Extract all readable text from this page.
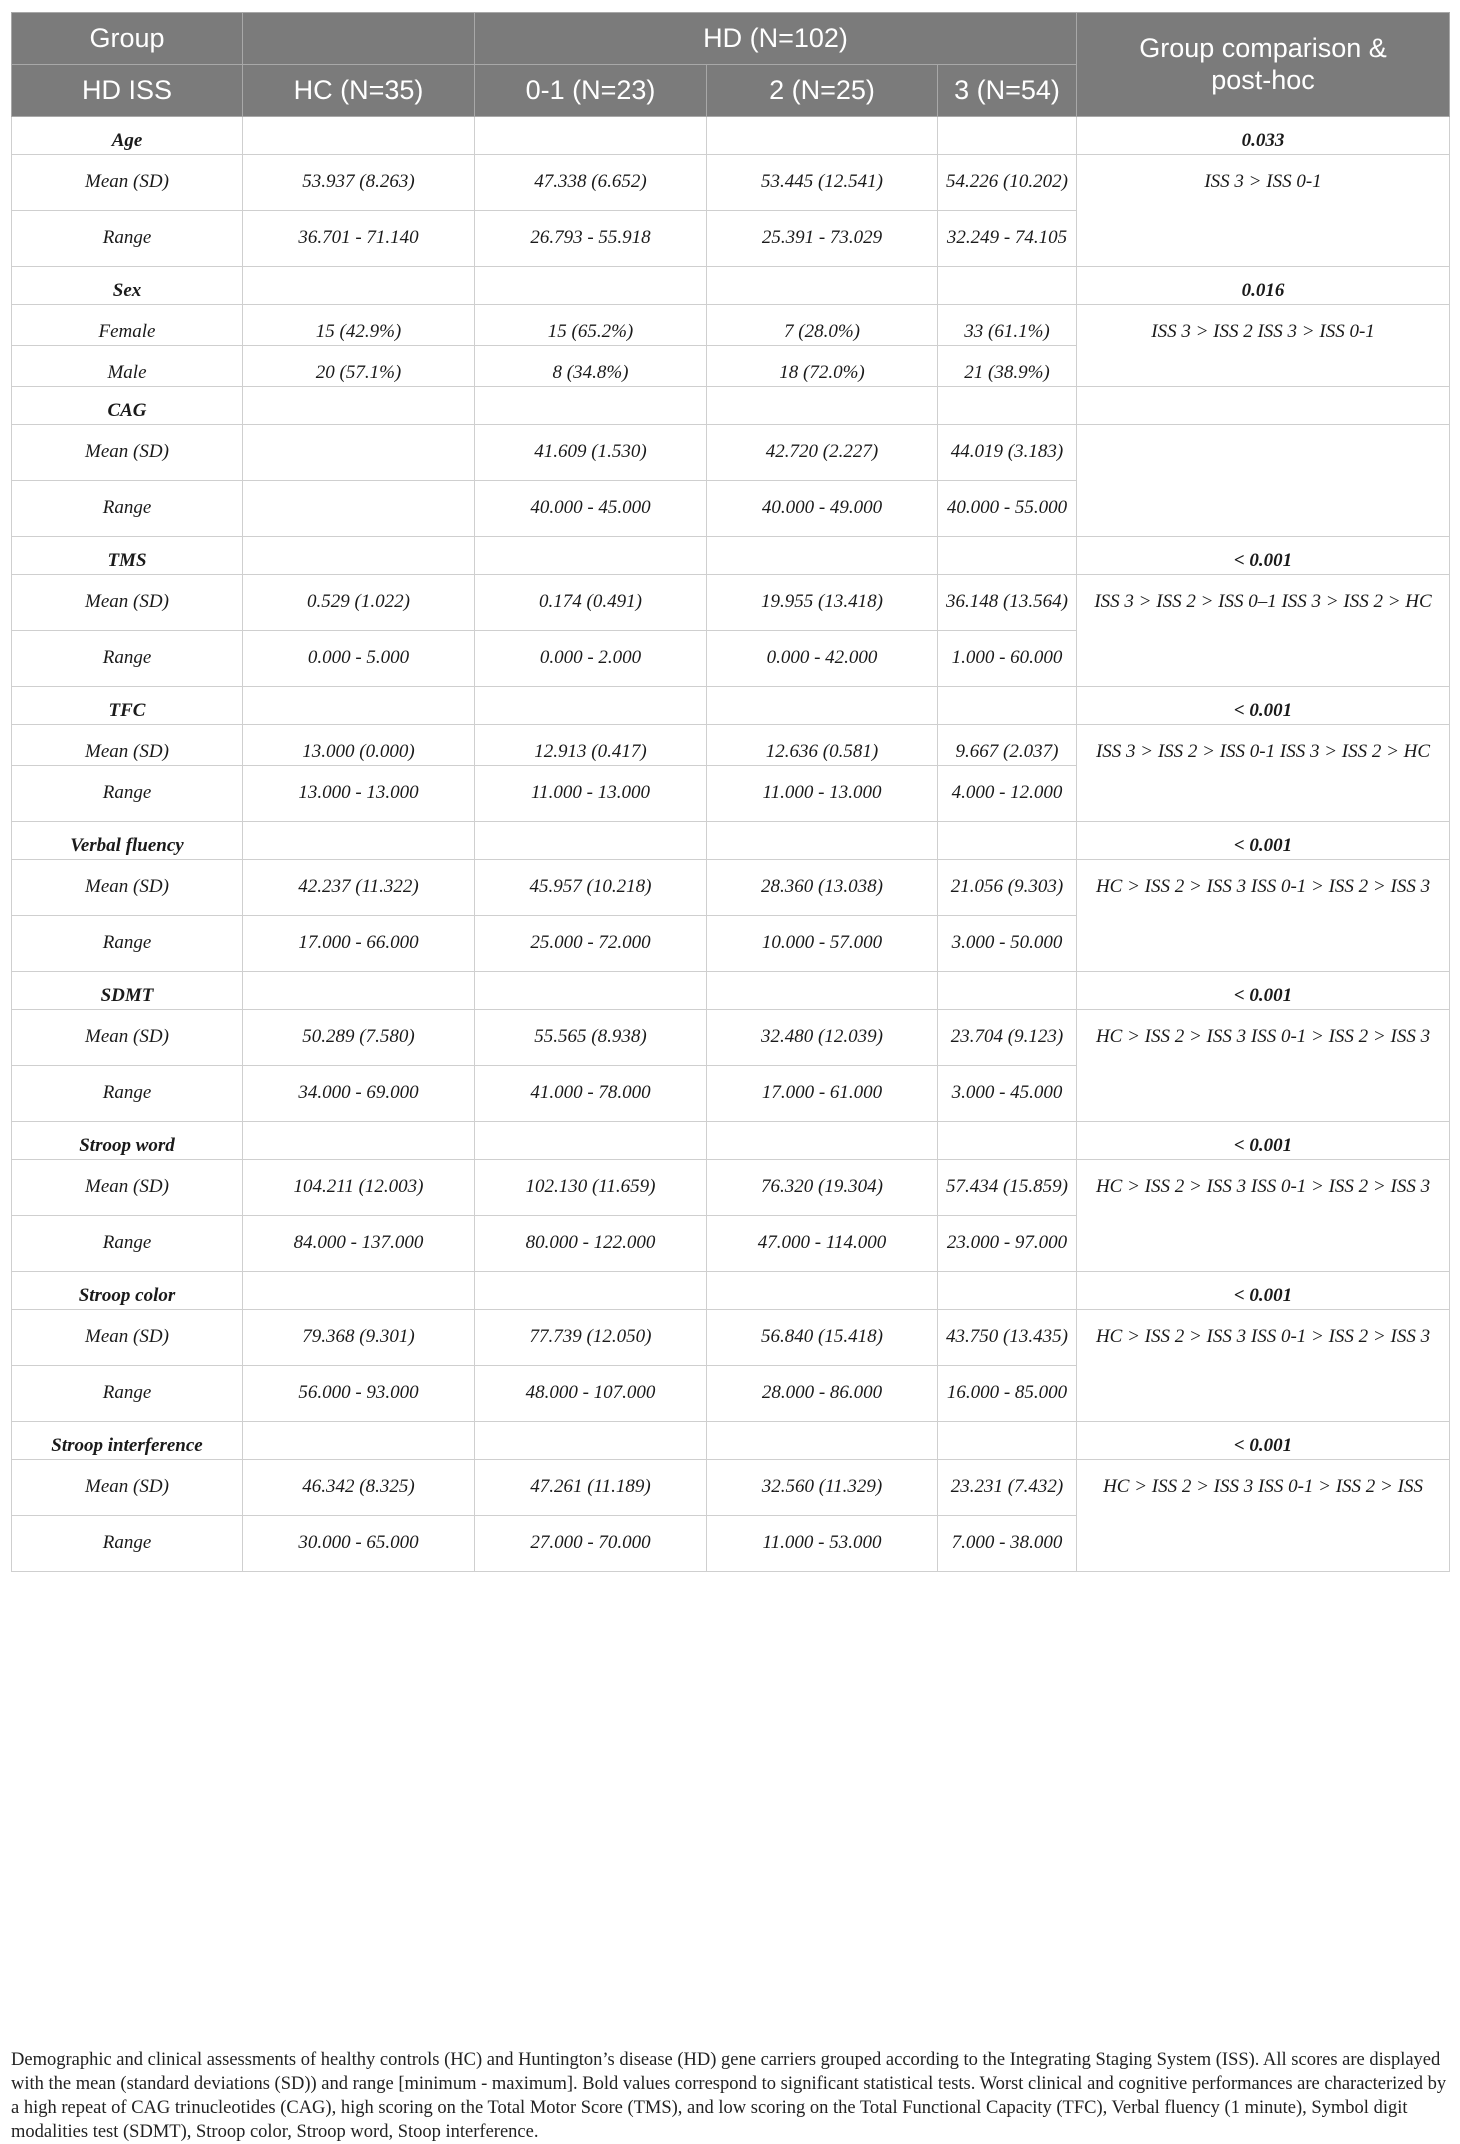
Group		HD (N=102)			Group comparison & post-hoc
HD ISS	HC (N=35)	0-1 (N=23)	2 (N=25)	3 (N=54)	
Age					0.033
Mean (SD)	53.937 (8.263)	47.338 (6.652)	53.445 (12.541)	54.226 (10.202)	ISS 3 > ISS 0-1
Range	36.701 - 71.140	26.793 - 55.918	25.391 - 73.029	32.249 - 74.105	
Sex					0.016
Female	15 (42.9%)	15 (65.2%)	7 (28.0%)	33 (61.1%)	ISS 3 > ISS 2 ISS 3 > ISS 0-1
Male	20 (57.1%)	8 (34.8%)	18 (72.0%)	21 (38.9%)	
CAG					
Mean (SD)		41.609 (1.530)	42.720 (2.227)	44.019 (3.183)	
Range		40.000 - 45.000	40.000 - 49.000	40.000 - 55.000	
TMS					< 0.001
Mean (SD)	0.529 (1.022)	0.174 (0.491)	19.955 (13.418)	36.148 (13.564)	ISS 3 > ISS 2 > ISS 0–1 ISS 3 > ISS 2 > HC
Range	0.000 - 5.000	0.000 - 2.000	0.000 - 42.000	1.000 - 60.000	
TFC					< 0.001
Mean (SD)	13.000 (0.000)	12.913 (0.417)	12.636 (0.581)	9.667 (2.037)	ISS 3 > ISS 2 > ISS 0-1 ISS 3 > ISS 2 > HC
Range	13.000 - 13.000	11.000 - 13.000	11.000 - 13.000	4.000 - 12.000	
Verbal fluency					< 0.001
Mean (SD)	42.237 (11.322)	45.957 (10.218)	28.360 (13.038)	21.056 (9.303)	HC > ISS 2 > ISS 3 ISS 0-1 > ISS 2 > ISS 3
Range	17.000 - 66.000	25.000 - 72.000	10.000 - 57.000	3.000 - 50.000	
SDMT					< 0.001
Mean (SD)	50.289 (7.580)	55.565 (8.938)	32.480 (12.039)	23.704 (9.123)	HC > ISS 2 > ISS 3 ISS 0-1 > ISS 2 > ISS 3
Range	34.000 - 69.000	41.000 - 78.000	17.000 - 61.000	3.000 - 45.000	
Stroop word					< 0.001
Mean (SD)	104.211 (12.003)	102.130 (11.659)	76.320 (19.304)	57.434 (15.859)	HC > ISS 2 > ISS 3 ISS 0-1 > ISS 2 > ISS 3
Range	84.000 - 137.000	80.000 - 122.000	47.000 - 114.000	23.000 - 97.000	
Stroop color					< 0.001
Mean (SD)	79.368 (9.301)	77.739 (12.050)	56.840 (15.418)	43.750 (13.435)	HC > ISS 2 > ISS 3 ISS 0-1 > ISS 2 > ISS 3
Range	56.000 - 93.000	48.000 - 107.000	28.000 - 86.000	16.000 - 85.000	
Stroop interference					< 0.001
Mean (SD)	46.342 (8.325)	47.261 (11.189)	32.560 (11.329)	23.231 (7.432)	HC > ISS 2 > ISS 3 ISS 0-1 > ISS 2 > ISS
Range	30.000 - 65.000	27.000 - 70.000	11.000 - 53.000	7.000 - 38.000	
Demographic and clinical assessments of healthy controls (HC) and Huntington’s disease (HD) gene carriers grouped according to the Integrating Staging System (ISS). All scores are displayed with the mean (standard deviations (SD)) and range [minimum - maximum]. Bold values correspond to significant statistical tests. Worst clinical and cognitive performances are characterized by a high repeat of CAG trinucleotides (CAG), high scoring on the Total Motor Score (TMS), and low scoring on the Total Functional Capacity (TFC), Verbal fluency (1 minute), Symbol digit modalities test (SDMT), Stroop color, Stroop word, Stoop interference.
